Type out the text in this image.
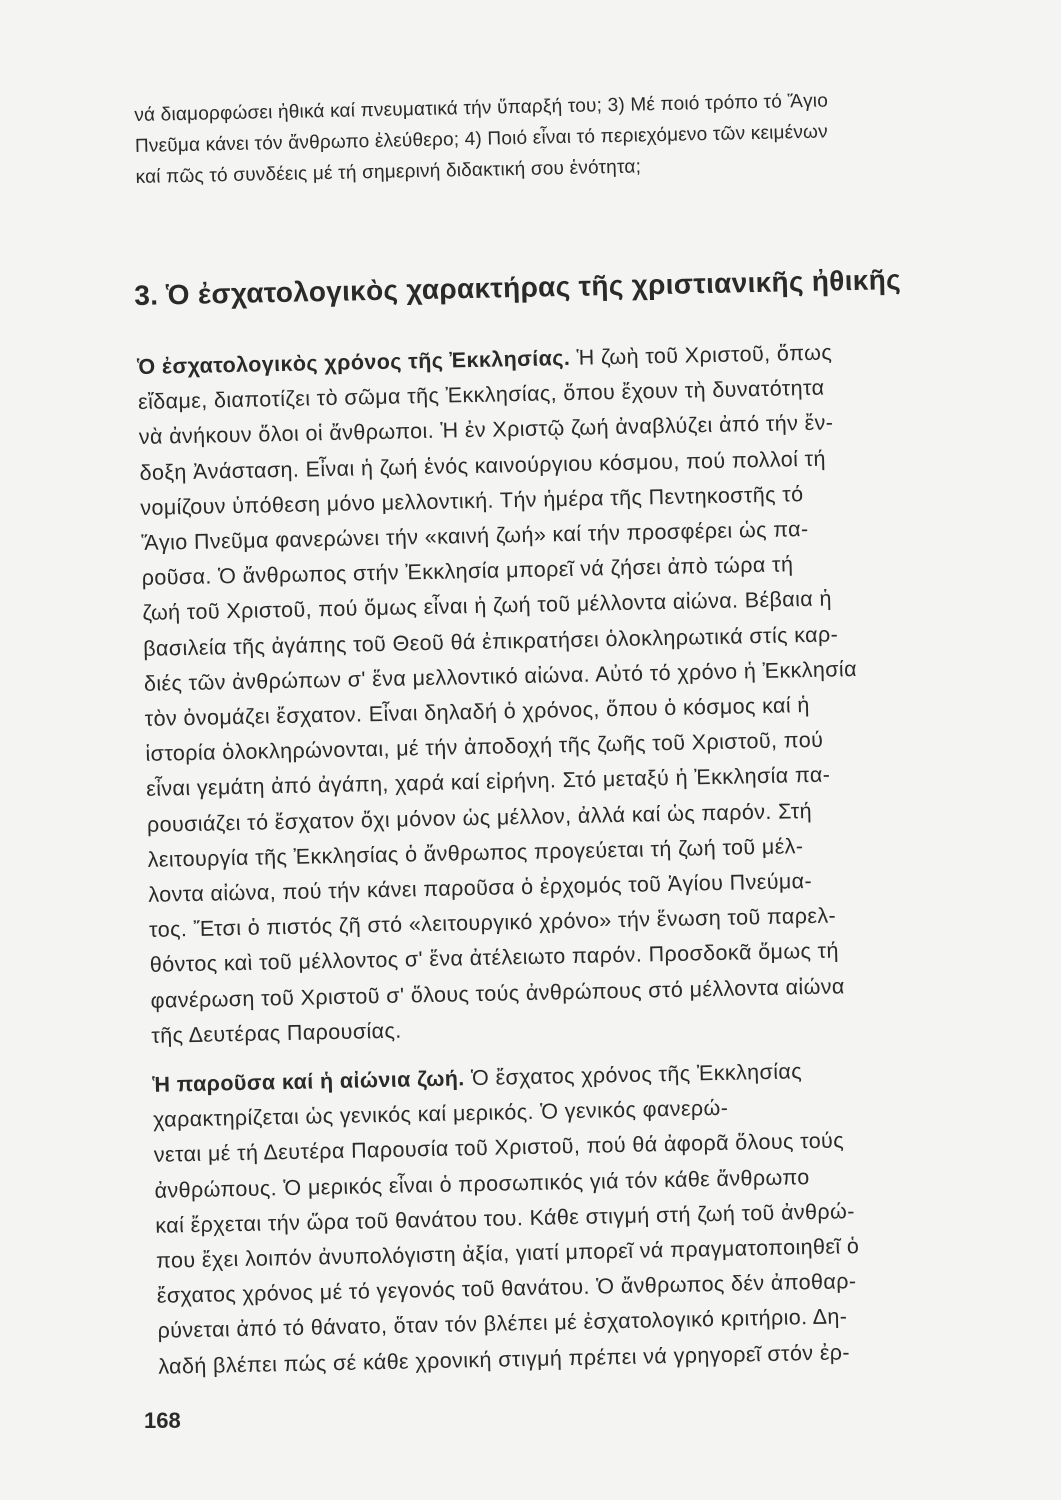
νά διαμορφώσει ἠθικά καί πνευματικά τήν ὕπαρξή του; 3) Μέ ποιό τρόπο τό Ἅγιο
Πνεῦμα κάνει τόν ἄνθρωπο ἐλεύθερο; 4) Ποιό εἶναι τό περιεχόμενο τῶν κειμένων
καί πῶς τό συνδέεις μέ τή σημερινή διδακτική σου ἑνότητα;
3. Ὁ ἐσχατολογικὸς χαρακτήρας τῆς χριστιανικῆς ἠθικῆς
Ὁ ἐσχατολογικὸς χρόνος τῆς Ἐκκλησίας. Ἡ ζωὴ τοῦ Χριστοῦ, ὅπως
εἴδαμε, διαποτίζει τὸ σῶμα τῆς Ἐκκλησίας, ὅπου ἔχουν τὴ δυνατότητα
νὰ ἀνήκουν ὅλοι οἱ ἄνθρωποι. Ἡ ἐν Χριστῷ ζωή ἀναβλύζει ἀπό τήν ἔν-
δοξη Ἀνάσταση. Εἶναι ἡ ζωή ἑνός καινούργιου κόσμου, πού πολλοί τή
νομίζουν ὑπόθεση μόνο μελλοντική. Τήν ἡμέρα τῆς Πεντηκοστῆς τό
Ἅγιο Πνεῦμα φανερώνει τήν «καινή ζωή» καί τήν προσφέρει ὡς πα-
ροῦσα. Ὁ ἄνθρωπος στήν Ἐκκλησία μπορεῖ νά ζήσει ἀπὸ τώρα τή
ζωή τοῦ Χριστοῦ, πού ὅμως εἶναι ἡ ζωή τοῦ μέλλοντα αἰώνα. Βέβαια ἡ
βασιλεία τῆς ἀγάπης τοῦ Θεοῦ θά ἐπικρατήσει ὁλοκληρωτικά στίς καρ-
διές τῶν ἀνθρώπων σ' ἕνα μελλοντικό αἰώνα. Αὐτό τό χρόνο ἡ Ἐκκλησία
τὸν ὀνομάζει ἔσχατον. Εἶναι δηλαδή ὁ χρόνος, ὅπου ὁ κόσμος καί ἡ
ἱστορία ὁλοκληρώνονται, μέ τήν ἀποδοχή τῆς ζωῆς τοῦ Χριστοῦ, πού
εἶναι γεμάτη ἀπό ἀγάπη, χαρά καί εἰρήνη. Στό μεταξύ ἡ Ἐκκλησία πα-
ρουσιάζει τό ἔσχατον ὄχι μόνον ὡς μέλλον, ἀλλά καί ὡς παρόν. Στή
λειτουργία τῆς Ἐκκλησίας ὁ ἄνθρωπος προγεύεται τή ζωή τοῦ μέλ-
λοντα αἰώνα, πού τήν κάνει παροῦσα ὁ ἐρχομός τοῦ Ἁγίου Πνεύμα-
τος. Ἔτσι ὁ πιστός ζῆ στό «λειτουργικό χρόνο» τήν ἕνωση τοῦ παρελ-
θόντος καὶ τοῦ μέλλοντος σ' ἕνα ἀτέλειωτο παρόν. Προσδοκᾶ ὅμως τή
φανέρωση τοῦ Χριστοῦ σ' ὅλους τούς ἀνθρώπους στό μέλλοντα αἰώνα
τῆς Δευτέρας Παρουσίας.
Ἡ παροῦσα καί ἡ αἰώνια ζωή. Ὁ ἔσχατος χρόνος τῆς Ἐκκλησίας
χαρακτηρίζεται ὡς γενικός καί μερικός. Ὁ γενικός φανερώ-
νεται μέ τή Δευτέρα Παρουσία τοῦ Χριστοῦ, πού θά ἀφορᾶ ὅλους τούς
ἀνθρώπους. Ὁ μερικός εἶναι ὁ προσωπικός γιά τόν κάθε ἄνθρωπο
καί ἔρχεται τήν ὥρα τοῦ θανάτου του. Κάθε στιγμή στή ζωή τοῦ ἀνθρώ-
που ἔχει λοιπόν ἀνυπολόγιστη ἀξία, γιατί μπορεῖ νά πραγματοποιηθεῖ ὁ
ἔσχατος χρόνος μέ τό γεγονός τοῦ θανάτου. Ὁ ἄνθρωπος δέν ἀποθαρ-
ρύνεται ἀπό τό θάνατο, ὅταν τόν βλέπει μέ ἐσχατολογικό κριτήριο. Δη-
λαδή βλέπει πώς σέ κάθε χρονική στιγμή πρέπει νά γρηγορεῖ στόν ἐρ-
168
